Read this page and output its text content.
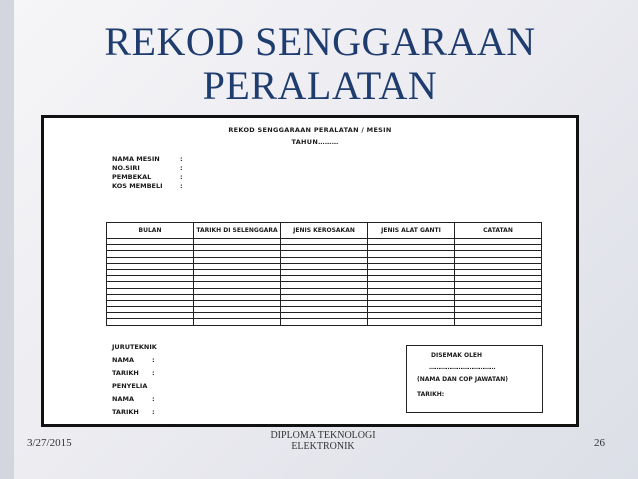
REKOD SENGGARAAN
PERALATAN
REKOD SENGGARAAN PERALATAN / MESIN
TAHUN………
NAMA MESIN	:
NO.SIRI	:
PEMBEKAL	:
KOS MEMBELI	:
BULAN	TARIKH DI SELENGGARA	JENIS KEROSAKAN	JENIS ALAT GANTI	CATATAN

JURUTEKNIK
NAMA	:
TARIKH	:
PENYELIA
NAMA	:
TARIKH	:
DISEMAK OLEH
………………………………
(NAMA DAN COP JAWATAN)
TARIKH:
3/27/2015
DIPLOMA TEKNOLOGI
ELEKTRONIK	26
